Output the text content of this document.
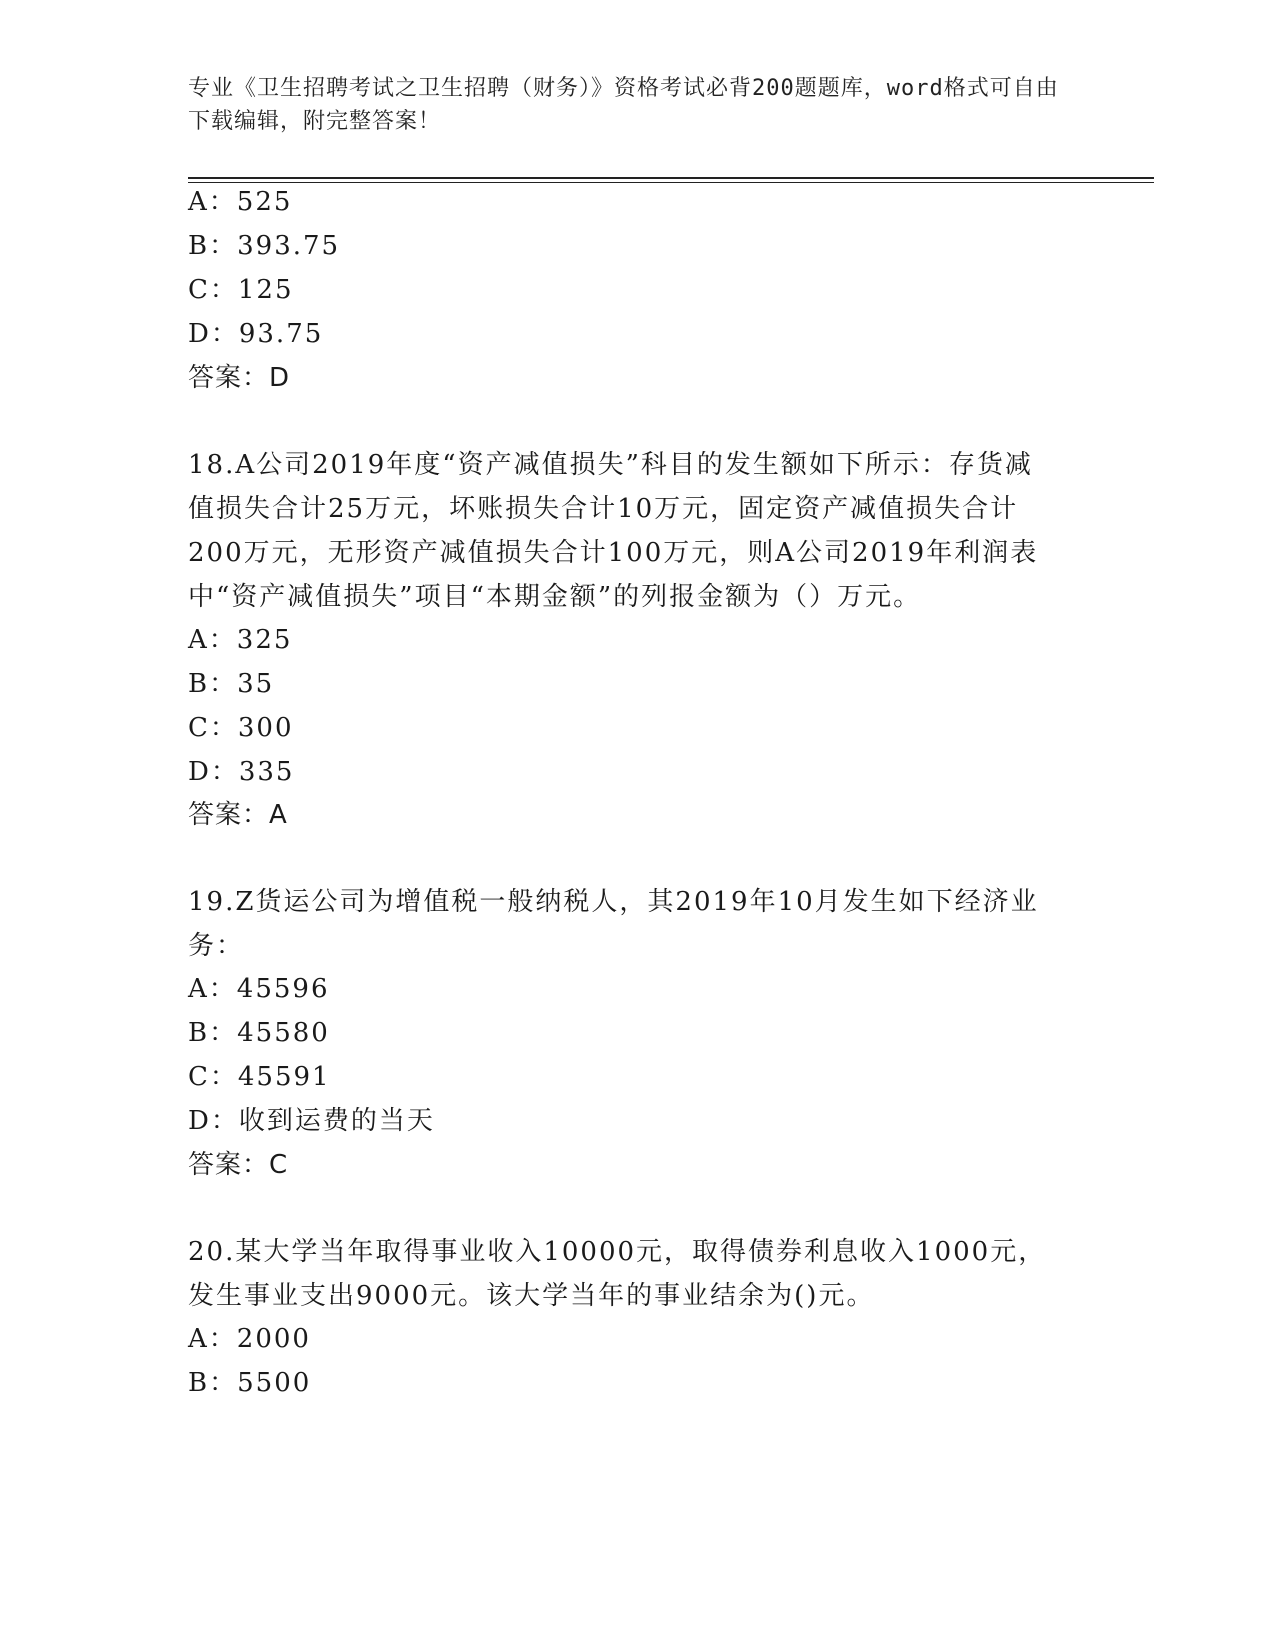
专业《卫生招聘考试之卫生招聘（财务）》资格考试必背200题题库，word格式可自由下载编辑，附完整答案！
A：525
B：393.75
C：125
D：93.75
答案：D
18.A公司2019年度“资产减值损失”科目的发生额如下所示：存货减
值损失合计25万元，坏账损失合计10万元，固定资产减值损失合计
200万元，无形资产减值损失合计100万元，则A公司2019年利润表
中“资产减值损失”项目“本期金额”的列报金额为（）万元。
A：325
B：35
C：300
D：335
答案：A
19.Z货运公司为增值税一般纳税人，其2019年10月发生如下经济业
务：
A：45596
B：45580
C：45591
D：收到运费的当天
答案：C
20.某大学当年取得事业收入10000元，取得债券利息收入1000元，
发生事业支出9000元。该大学当年的事业结余为()元。
A：2000
B：5500
